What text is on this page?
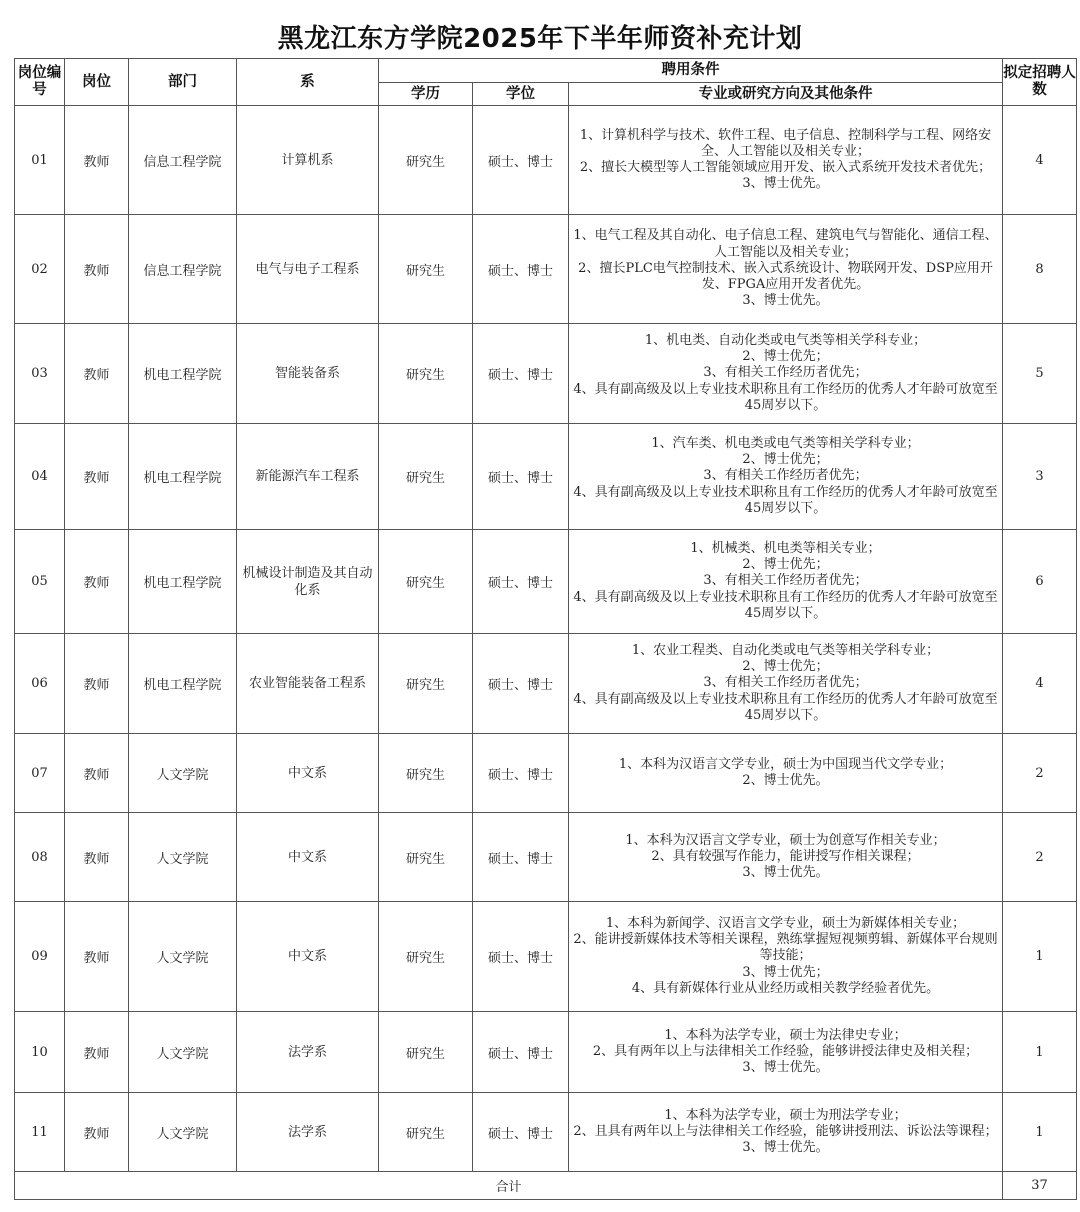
黑龙江东方学院2025年下半年师资补充计划
岗位编号	岗位	部门	系	聘用条件			拟定招聘人数
				学历	学位	专业或研究方向及其他条件	
01	教师	信息工程学院	计算机系	研究生	硕士、博士	1、计算机科学与技术、软件工程、电子信息、控制科学与工程、网络安全、人工智能以及相关专业；
2、擅长大模型等人工智能领域应用开发、嵌入式系统开发技术者优先；
3、博士优先。	4
02	教师	信息工程学院	电气与电子工程系	研究生	硕士、博士	1、电气工程及其自动化、电子信息工程、建筑电气与智能化、通信工程、人工智能以及相关专业；
2、擅长PLC电气控制技术、嵌入式系统设计、物联网开发、DSP应用开发、FPGA应用开发者优先。
3、博士优先。	8
03	教师	机电工程学院	智能装备系	研究生	硕士、博士	1、机电类、自动化类或电气类等相关学科专业；
2、博士优先；
3、有相关工作经历者优先；
4、具有副高级及以上专业技术职称且有工作经历的优秀人才年龄可放宽至45周岁以下。	5
04	教师	机电工程学院	新能源汽车工程系	研究生	硕士、博士	1、汽车类、机电类或电气类等相关学科专业；
2、博士优先；
3、有相关工作经历者优先；
4、具有副高级及以上专业技术职称且有工作经历的优秀人才年龄可放宽至45周岁以下。	3
05	教师	机电工程学院	机械设计制造及其自动化系	研究生	硕士、博士	1、机械类、机电类等相关专业；
2、博士优先；
3、有相关工作经历者优先；
4、具有副高级及以上专业技术职称且有工作经历的优秀人才年龄可放宽至45周岁以下。	6
06	教师	机电工程学院	农业智能装备工程系	研究生	硕士、博士	1、农业工程类、自动化类或电气类等相关学科专业；
2、博士优先；
3、有相关工作经历者优先；
4、具有副高级及以上专业技术职称且有工作经历的优秀人才年龄可放宽至45周岁以下。	4
07	教师	人文学院	中文系	研究生	硕士、博士	1、本科为汉语言文学专业，硕士为中国现当代文学专业；
2、博士优先。	2
08	教师	人文学院	中文系	研究生	硕士、博士	1、本科为汉语言文学专业，硕士为创意写作相关专业；
2、具有较强写作能力，能讲授写作相关课程；
3、博士优先。	2
09	教师	人文学院	中文系	研究生	硕士、博士	1、本科为新闻学、汉语言文学专业，硕士为新媒体相关专业；
2、能讲授新媒体技术等相关课程，熟练掌握短视频剪辑、新媒体平台规则等技能；
3、博士优先；
4、具有新媒体行业从业经历或相关教学经验者优先。	1
10	教师	人文学院	法学系	研究生	硕士、博士	1、本科为法学专业，硕士为法律史专业；
2、具有两年以上与法律相关工作经验，能够讲授法律史及相关程；
3、博士优先。	1
11	教师	人文学院	法学系	研究生	硕士、博士	1、本科为法学专业，硕士为刑法学专业；
2、且具有两年以上与法律相关工作经验，能够讲授刑法、诉讼法等课程；
3、博士优先。	1
合计							37
